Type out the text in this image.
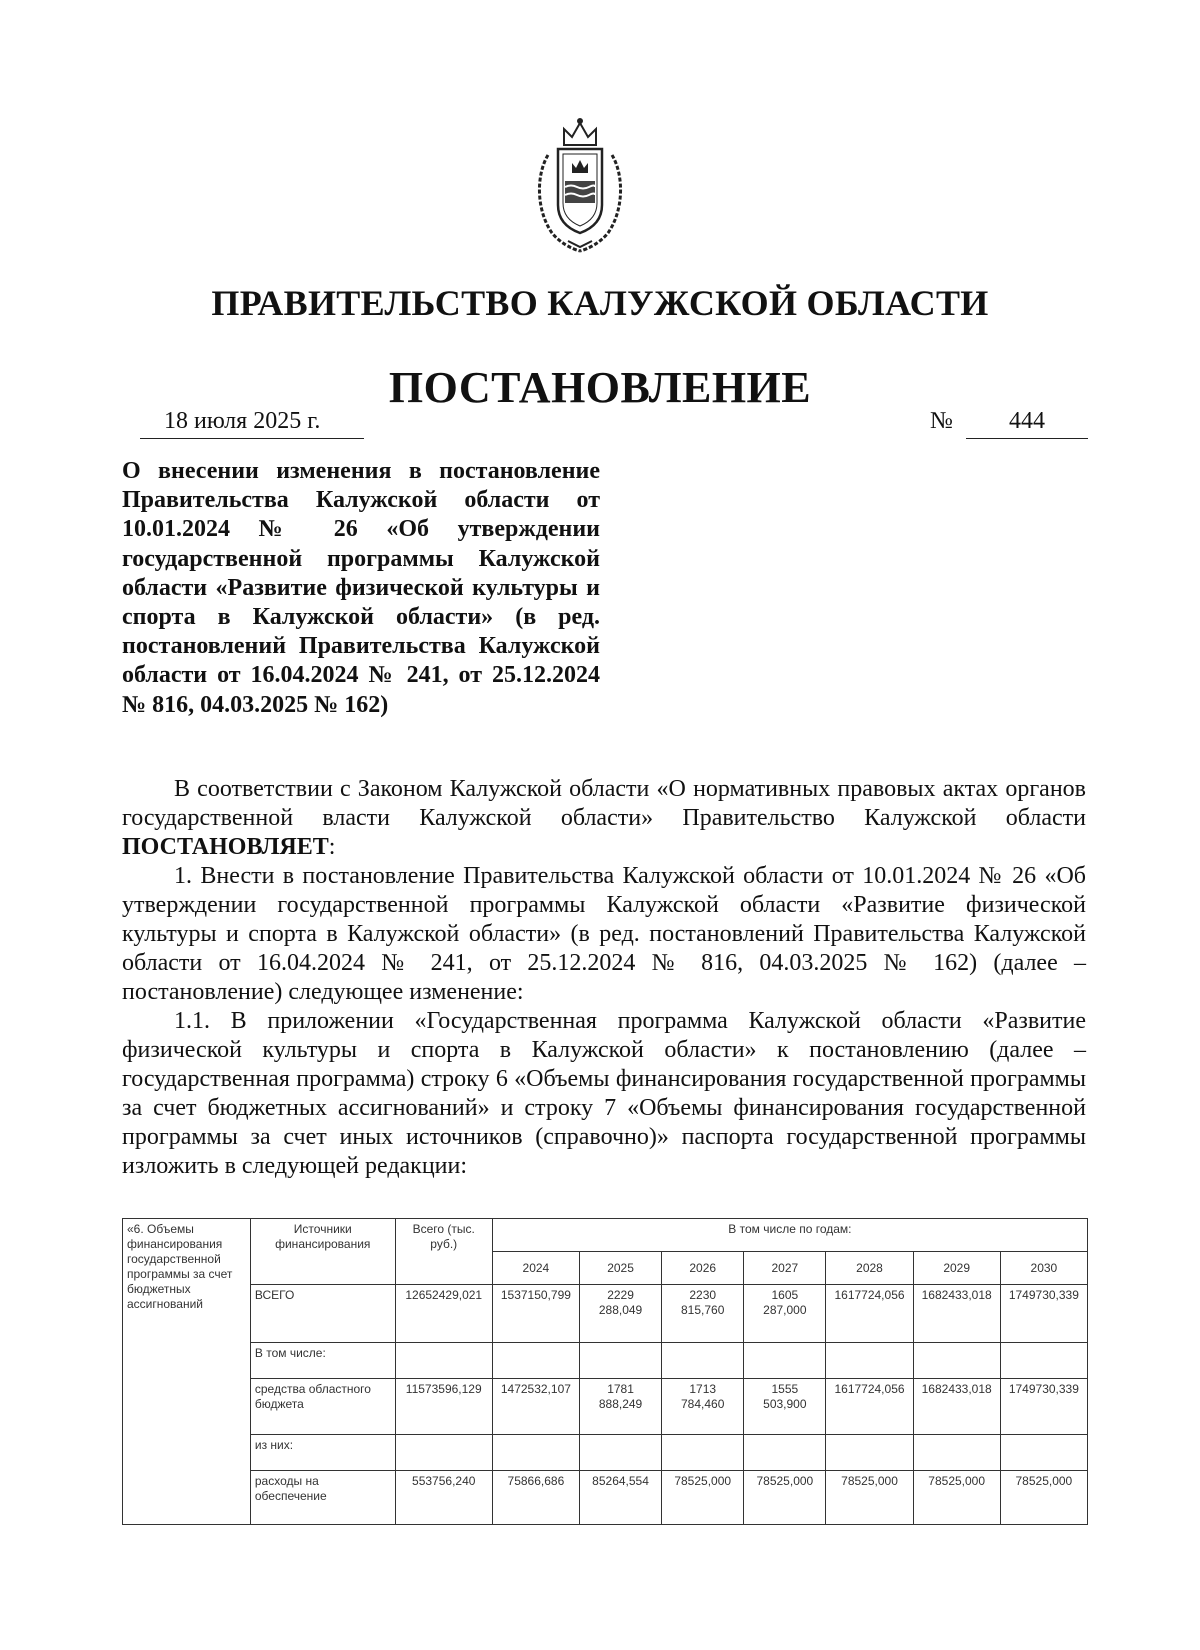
ПРАВИТЕЛЬСТВО КАЛУЖСКОЙ ОБЛАСТИ
ПОСТАНОВЛЕНИЕ
18 июля 2025 г.	№	444
О внесении изменения в постановление Правительства Калужской области от 10.01.2024 № 26 «Об утверждении государственной программы Калужской области «Развитие физической культуры и спорта в Калужской области» (в ред. постановлений Правительства Калужской области от 16.04.2024 № 241, от 25.12.2024 № 816, 04.03.2025 № 162)

В соответствии с Законом Калужской области «О нормативных правовых актах органов государственной власти Калужской области» Правительство Калужской области ПОСТАНОВЛЯЕТ:

1. Внести в постановление Правительства Калужской области от 10.01.2024 № 26 «Об утверждении государственной программы Калужской области «Развитие физической культуры и спорта в Калужской области» (в ред. постановлений Правительства Калужской области от 16.04.2024 № 241, от 25.12.2024 № 816, 04.03.2025 № 162) (далее – постановление) следующее изменение:

1.1. В приложении «Государственная программа Калужской области «Развитие физической культуры и спорта в Калужской области» к постановлению (далее – государственная программа) строку 6 «Объемы финансирования государственной программы за счет бюджетных ассигнований» и строку 7 «Объемы финансирования государственной программы за счет иных источников (справочно)» паспорта государственной программы изложить в следующей редакции:

«6. Объемы финансирования государственной программы за счет бюджетных ассигнований	Источники финансирования	Всего (тыс. руб.)	В том числе по годам:						
			2024	2025	2026	2027	2028	2029	2030
	ВСЕГО	12652429,021	1537150,799	2229 288,049	2230 815,760	1605 287,000	1617724,056	1682433,018	1749730,339
	В том числе:								
	средства областного бюджета	11573596,129	1472532,107	1781 888,249	1713 784,460	1555 503,900	1617724,056	1682433,018	1749730,339
	из них:								
	расходы на обеспечение	553756,240	75866,686	85264,554	78525,000	78525,000	78525,000	78525,000	78525,000
